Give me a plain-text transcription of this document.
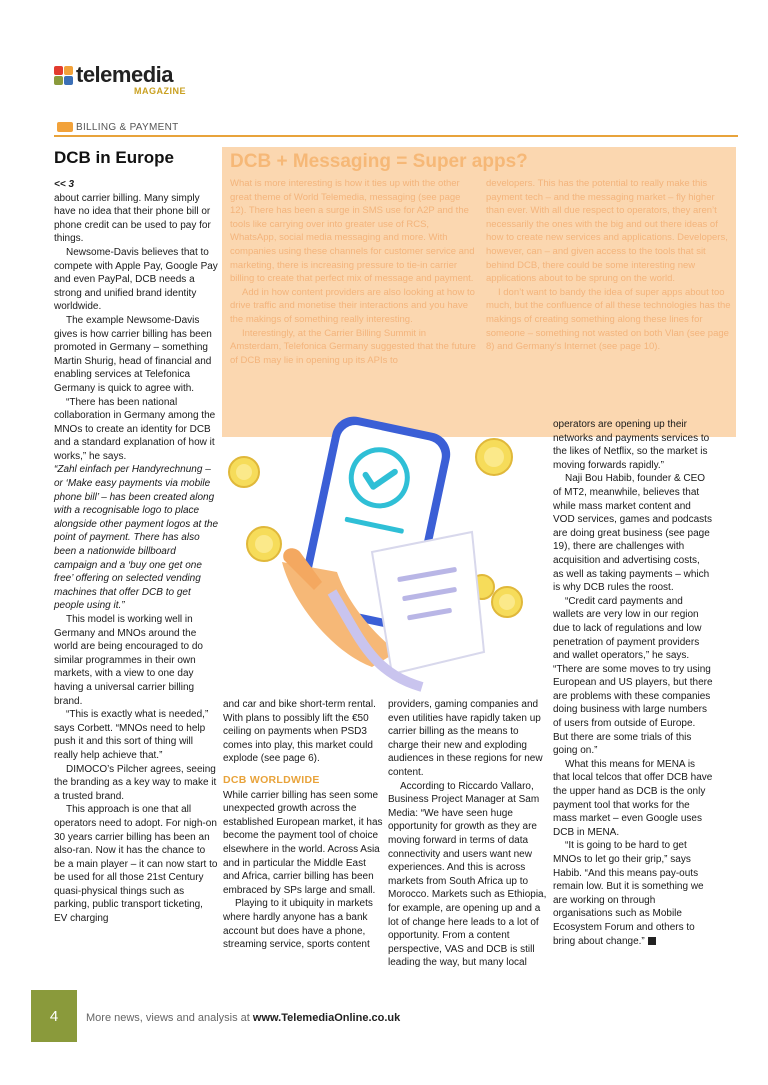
telemedia
MAGAZINE
BILLING & PAYMENT
DCB in Europe

<< 3

about carrier billing. Many simply have no idea that their phone bill or phone credit can be used to pay for things.

Newsome-Davis believes that to compete with Apple Pay, Google Pay and even PayPal, DCB needs a strong and unified brand identity worldwide.

The example Newsome-Davis gives is how carrier billing has been promoted in Germany – something Martin Shurig, head of financial and enabling services at Telefonica Germany is quick to agree with.

“There has been national collaboration in Germany among the MNOs to create an identity for DCB and a standard explanation of how it works,” he says.

“Zahl einfach per Handyrechnung – or ‘Make easy payments via mobile phone bill’ – has been created along with a recognisable logo to place alongside other payment logos at the point of payment. There has also been a nationwide billboard campaign and a ‘buy one get one free’ offering on selected vending machines that offer DCB to get people using it.”

This model is working well in Germany and MNOs around the world are being encouraged to do similar programmes in their own markets, with a view to one day having a universal carrier billing brand.

“This is exactly what is needed,” says Corbett. “MNOs need to help push it and this sort of thing will really help achieve that.”

DIMOCO’s Pilcher agrees, seeing the branding as a key way to make it a trusted brand.

This approach is one that all operators need to adopt. For nigh-on 30 years carrier billing has been an also-ran. Now it has the chance to be a main player – it can now start to be used for all those 21st Century quasi-physical things such as parking, public transport ticketing, EV charging

DCB + Messaging = Super apps?

What is more interesting is how it ties up with the other great theme of World Telemedia, messaging (see page 12). There has been a surge in SMS use for A2P and the tools like carrying over into greater use of RCS, WhatsApp, social media messaging and more. With companies using these channels for customer service and marketing, there is increasing pressure to tie-in carrier billing to create that perfect mix of message and payment.

Add in how content providers are also looking at how to drive traffic and monetise their interactions and you have the makings of something really interesting.

Interestingly, at the Carrier Billing Summit in Amsterdam, Telefonica Germany suggested that the future of DCB may lie in opening up its APIs to

developers. This has the potential to really make this payment tech – and the messaging market – fly higher than ever. With all due respect to operators, they aren’t necessarily the ones with the big and out there ideas of how to create new services and applications. Developers, however, can – and given access to the tools that sit behind DCB, there could be some interesting new applications about to be sprung on the world.

I don’t want to bandy the idea of super apps about too much, but the confluence of all these technologies has the makings of creating something along these lines for someone – something not wasted on both Vlan (see page 8) and Germany’s Internet (see page 10).

and car and bike short-term rental. With plans to possibly lift the €50 ceiling on payments when PSD3 comes into play, this market could explode (see page 6).

DCB WORLDWIDE

While carrier billing has seen some unexpected growth across the established European market, it has become the payment tool of choice elsewhere in the world. Across Asia and in particular the Middle East and Africa, carrier billing has been embraced by SPs large and small.

Playing to it ubiquity in markets where hardly anyone has a bank account but does have a phone, streaming service, sports content

providers, gaming companies and even utilities have rapidly taken up carrier billing as the means to charge their new and exploding audiences in these regions for new content.

According to Riccardo Vallaro, Business Project Manager at Sam Media: “We have seen huge opportunity for growth as they are moving forward in terms of data connectivity and users want new experiences. And this is across markets from South Africa up to Morocco. Markets such as Ethiopia, for example, are opening up and a lot of change here leads to a lot of opportunity. From a content perspective, VAS and DCB is still leading the way, but many local

operators are opening up their networks and payments services to the likes of Netflix, so the market is moving forwards rapidly.”

Naji Bou Habib, founder & CEO of MT2, meanwhile, believes that while mass market content and VOD services, games and podcasts are doing great business (see page 19), there are challenges with acquisition and advertising costs, as well as taking payments – which is why DCB rules the roost.

“Credit card payments and wallets are very low in our region due to lack of regulations and low penetration of payment providers and wallet operators,” he says. “There are some moves to try using European and US players, but there are problems with these companies doing business with large numbers of users from outside of Europe. But there are some trials of this going on.”

What this means for MENA is that local telcos that offer DCB have the upper hand as DCB is the only payment tool that works for the mass market – even Google uses DCB in MENA.

“It is going to be hard to get MNOs to let go their grip,” says Habib. “And this means pay-outs remain low. But it is something we are working on through organisations such as Mobile Ecosystem Forum and others to bring about change.”

4	More news, views and analysis at www.TelemediaOnline.co.uk
